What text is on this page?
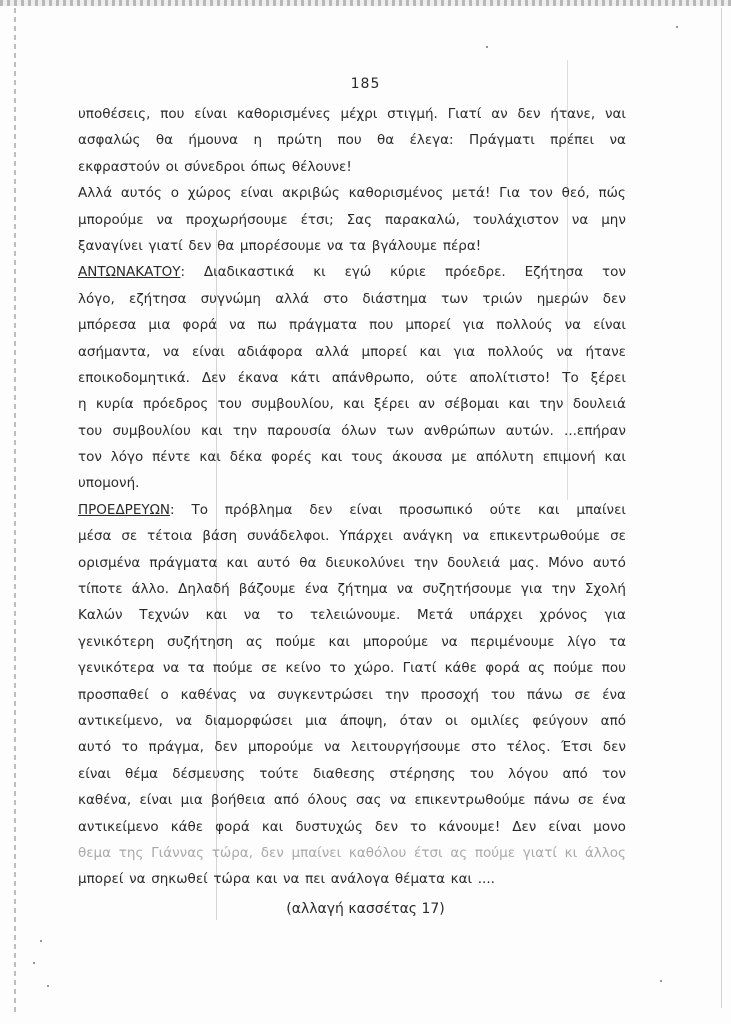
185
υποθέσεις, που είναι καθορισμένες μέχρι στιγμή. Γιατί αν δεν ήτανε, ναι
ασφαλώς θα ήμουνα η πρώτη που θα έλεγα: Πράγματι πρέπει να
εκφραστούν οι σύνεδροι όπως θέλουνε!
Αλλά αυτός ο χώρος είναι ακριβώς καθορισμένος μετά! Για τον θεό, πώς
μπορούμε να προχωρήσουμε έτσι; Σας παρακαλώ, τουλάχιστον να μην
ξαναγίνει γιατί δεν θα μπορέσουμε να τα βγάλουμε πέρα!
ΑΝΤΩΝΑΚΑΤΟΥ: Διαδικαστικά κι εγώ κύριε πρόεδρε. Εζήτησα τον
λόγο, εζήτησα συγνώμη αλλά στο διάστημα των τριών ημερών δεν
μπόρεσα μια φορά να πω πράγματα που μπορεί για πολλούς να είναι
ασήμαντα, να είναι αδιάφορα αλλά μπορεί και για πολλούς να ήτανε
εποικοδομητικά. Δεν έκανα κάτι απάνθρωπο, ούτε απολίτιστο! Το ξέρει
η κυρία πρόεδρος του συμβουλίου, και ξέρει αν σέβομαι και την δουλειά
του συμβουλίου και την παρουσία όλων των ανθρώπων αυτών. ...επήραν
τον λόγο πέντε και δέκα φορές και τους άκουσα με απόλυτη επιμονή και
υπομονή.
ΠΡΟΕΔΡΕΥΩΝ: Το πρόβλημα δεν είναι προσωπικό ούτε και μπαίνει
μέσα σε τέτοια βάση συνάδελφοι. Υπάρχει ανάγκη να επικεντρωθούμε σε
ορισμένα πράγματα και αυτό θα διευκολύνει την δουλειά μας. Μόνο αυτό
τίποτε άλλο. Δηλαδή βάζουμε ένα ζήτημα να συζητήσουμε για την Σχολή
Καλών Τεχνών και να το τελειώνουμε. Μετά υπάρχει χρόνος για
γενικότερη συζήτηση ας πούμε και μπορούμε να περιμένουμε λίγο τα
γενικότερα να τα πούμε σε κείνο το χώρο. Γιατί κάθε φορά ας πούμε που
προσπαθεί ο καθένας να συγκεντρώσει την προσοχή του πάνω σε ένα
αντικείμενο, να διαμορφώσει μια άποψη, όταν οι ομιλίες φεύγουν από
αυτό το πράγμα, δεν μπορούμε να λειτουργήσουμε στο τέλος. Έτσι δεν
είναι θέμα δέσμευσης τούτε διαθεσης στέρησης του λόγου από τον
καθένα, είναι μια βοήθεια από όλους σας να επικεντρωθούμε πάνω σε ένα
αντικείμενο κάθε φορά και δυστυχώς δεν το κάνουμε! Δεν είναι μονο
θεμα της Γιάννας τώρα, δεν μπαίνει καθόλου έτσι ας πούμε γιατί κι άλλος
μπορεί να σηκωθεί τώρα και να πει ανάλογα θέματα και ....
(αλλαγή κασσέτας 17)
